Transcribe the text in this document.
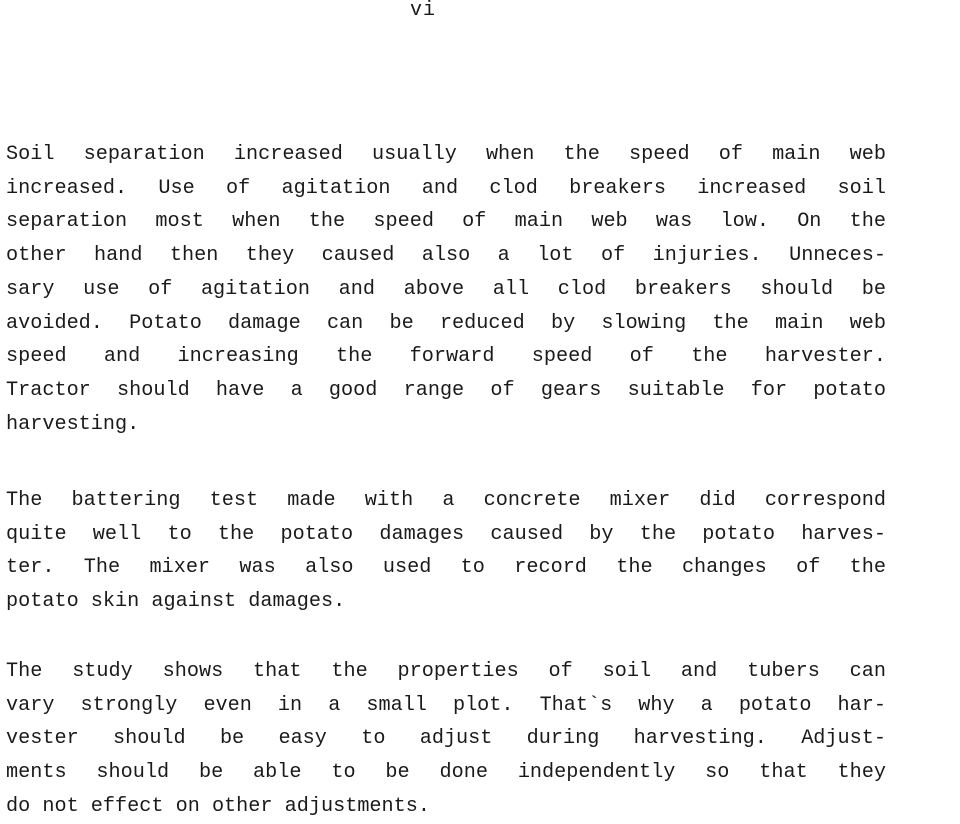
vi
Soil separation increased usually when the speed of main web
increased. Use of agitation and clod breakers increased soil
separation most when the speed of main web was low. On the
other hand then they caused also a lot of injuries. Unneces-
sary use of agitation and above all clod breakers should be
avoided. Potato damage can be reduced by slowing the main web
speed and increasing the forward speed of the harvester.
Tractor should have a good range of gears suitable for potato
harvesting.
The battering test made with a concrete mixer did correspond
quite well to the potato damages caused by the potato harves-
ter. The mixer was also used to record the changes of the
potato skin against damages.
The study shows that the properties of soil and tubers can
vary strongly even in a small plot. That`s why a potato har-
vester should be easy to adjust during harvesting. Adjust-
ments should be able to be done independently so that they
do not effect on other adjustments.
